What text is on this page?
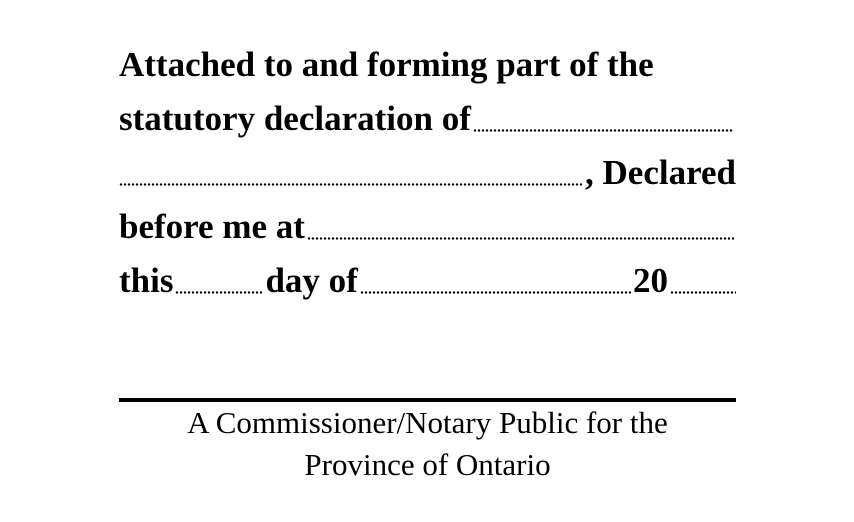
Attached to and forming part of the
statutory declaration of
, Declared
before me at
this	day of	20
A Commissioner/Notary Public for the
Province of Ontario
